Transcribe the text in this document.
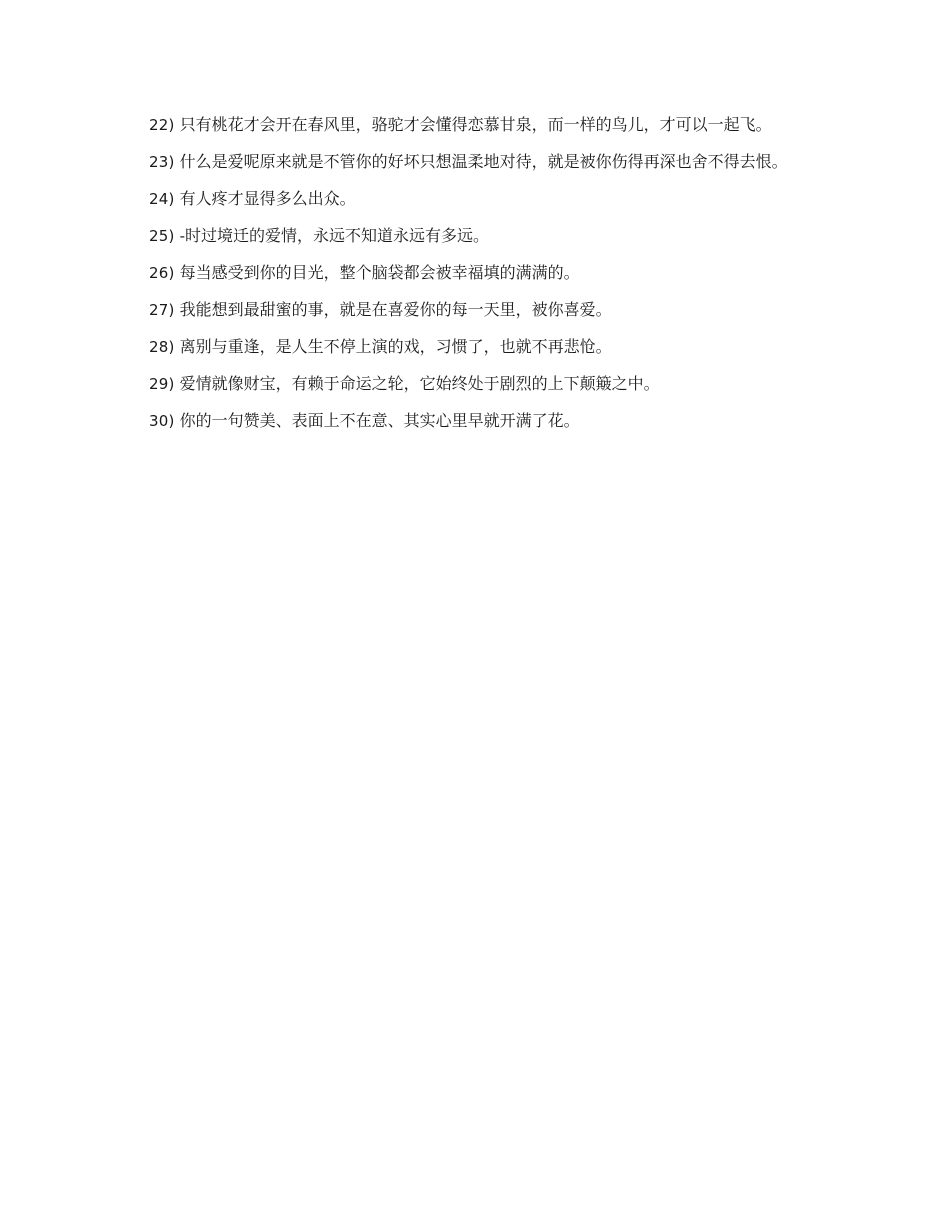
22) 只有桃花才会开在春风里，骆驼才会懂得恋慕甘泉，而一样的鸟儿，才可以一起飞。

23) 什么是爱呢原来就是不管你的好坏只想温柔地对待，就是被你伤得再深也舍不得去恨。

24) 有人疼才显得多么出众。

25) -时过境迁的爱情，永远不知道永远有多远。

26) 每当感受到你的目光，整个脑袋都会被幸福填的满满的。

27) 我能想到最甜蜜的事，就是在喜爱你的每一天里，被你喜爱。

28) 离别与重逢，是人生不停上演的戏，习惯了，也就不再悲怆。

29) 爱情就像财宝，有赖于命运之轮，它始终处于剧烈的上下颠簸之中。

30) 你的一句赞美、表面上不在意、其实心里早就开满了花。
